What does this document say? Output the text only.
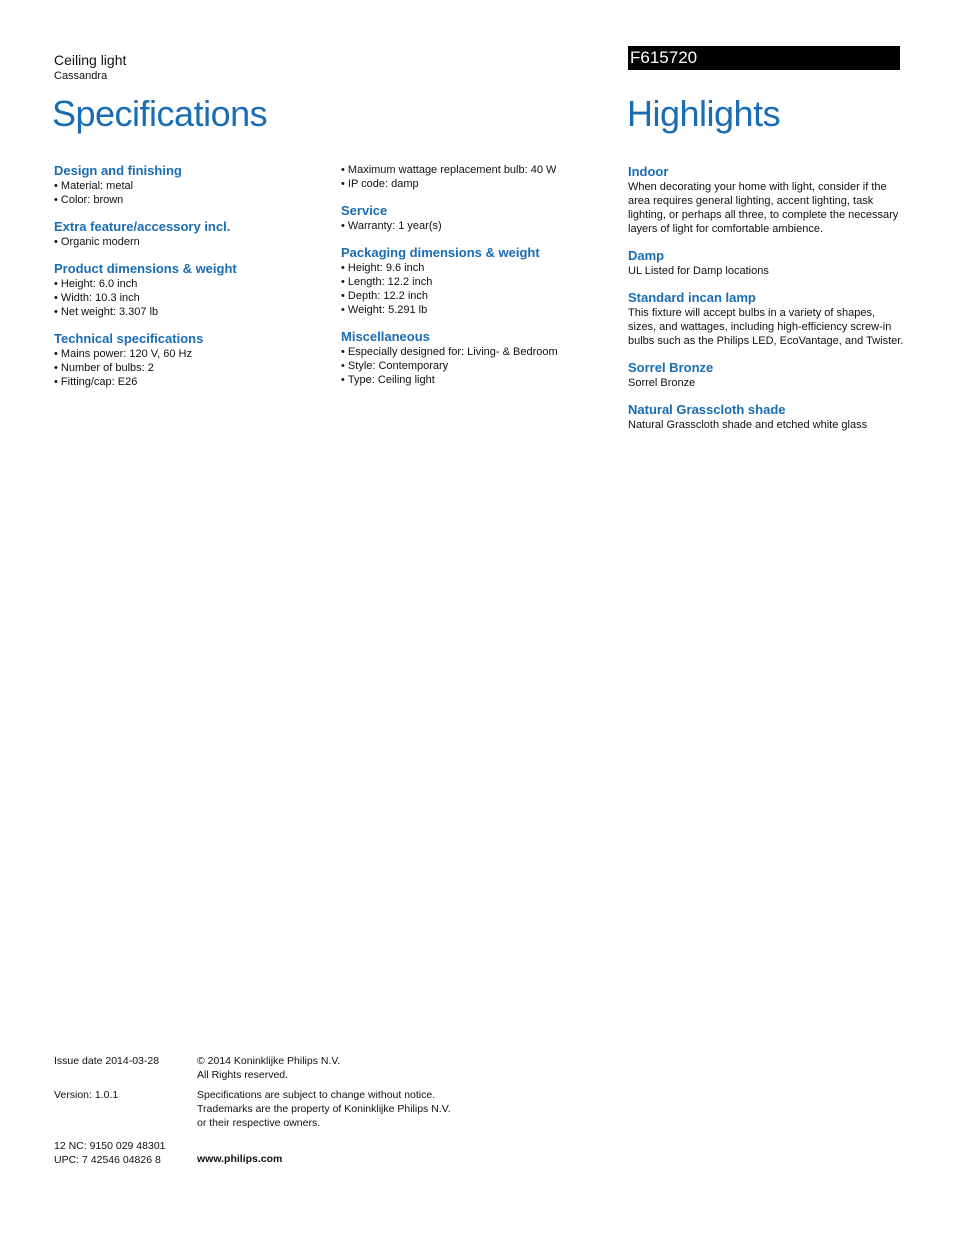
Ceiling light
Cassandra
F615720
Specifications	Highlights
Design and finishing
• Material: metal
• Color: brown
Extra feature/accessory incl.
• Organic modern
Product dimensions & weight
• Height: 6.0 inch
• Width: 10.3 inch
• Net weight: 3.307 lb
Technical specifications
• Mains power: 120 V, 60 Hz
• Number of bulbs: 2
• Fitting/cap: E26
• Maximum wattage replacement bulb: 40 W
• IP code: damp
Service
• Warranty: 1 year(s)
Packaging dimensions & weight
• Height: 9.6 inch
• Length: 12.2 inch
• Depth: 12.2 inch
• Weight: 5.291 lb
Miscellaneous
• Especially designed for: Living- & Bedroom
• Style: Contemporary
• Type: Ceiling light
Indoor
When decorating your home with light, consider if the area requires general lighting, accent lighting, task lighting, or perhaps all three, to complete the necessary layers of light for comfortable ambience.
Damp
UL Listed for Damp locations
Standard incan lamp
This fixture will accept bulbs in a variety of shapes, sizes, and wattages, including high-efficiency screw-in bulbs such as the Philips LED, EcoVantage, and Twister.
Sorrel Bronze
Sorrel Bronze
Natural Grasscloth shade
Natural Grasscloth shade and etched white glass
Issue date 2014-03-28	© 2014 Koninklijke Philips N.V.
All Rights reserved.
Version: 1.0.1	Specifications are subject to change without notice.
Trademarks are the property of Koninklijke Philips N.V.
or their respective owners.
12 NC: 9150 029 48301
UPC: 7 42546 04826 8	www.philips.com
